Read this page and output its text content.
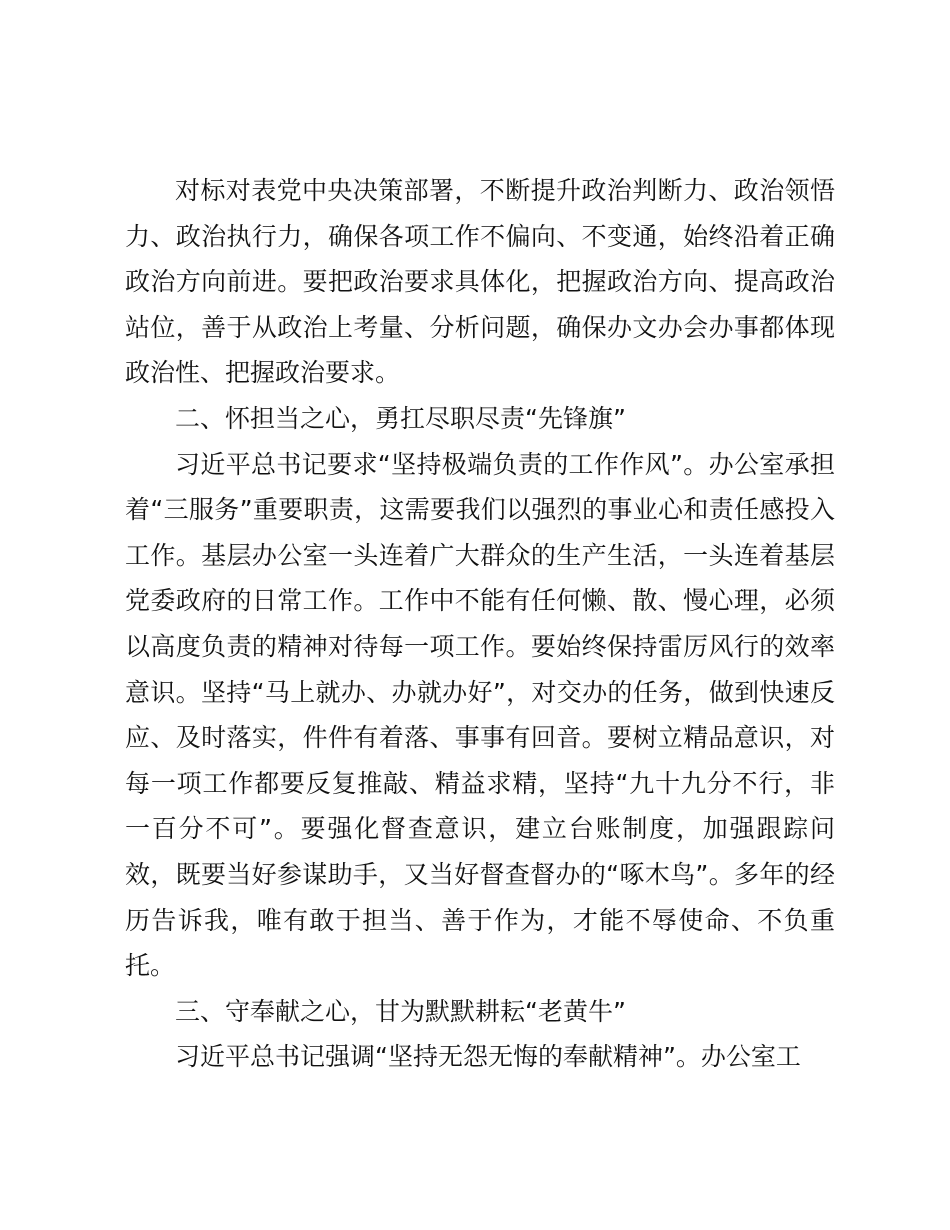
对标对表党中央决策部署，不断提升政治判断力、政治领悟力、政治执行力，确保各项工作不偏向、不变通，始终沿着正确政治方向前进。要把政治要求具体化，把握政治方向、提高政治站位，善于从政治上考量、分析问题，确保办文办会办事都体现政治性、把握政治要求。

二、怀担当之心，勇扛尽职尽责“先锋旗”

习近平总书记要求“坚持极端负责的工作作风”。办公室承担着“三服务”重要职责，这需要我们以强烈的事业心和责任感投入工作。基层办公室一头连着广大群众的生产生活，一头连着基层党委政府的日常工作。工作中不能有任何懒、散、慢心理，必须以高度负责的精神对待每一项工作。要始终保持雷厉风行的效率意识。坚持“马上就办、办就办好”，对交办的任务，做到快速反应、及时落实，件件有着落、事事有回音。要树立精品意识，对每一项工作都要反复推敲、精益求精，坚持“九十九分不行，非一百分不可”。要强化督查意识，建立台账制度，加强跟踪问效，既要当好参谋助手，又当好督查督办的“啄木鸟”。多年的经历告诉我，唯有敢于担当、善于作为，才能不辱使命、不负重托。

三、守奉献之心，甘为默默耕耘“老黄牛”

习近平总书记强调“坚持无怨无悔的奉献精神”。办公室工
